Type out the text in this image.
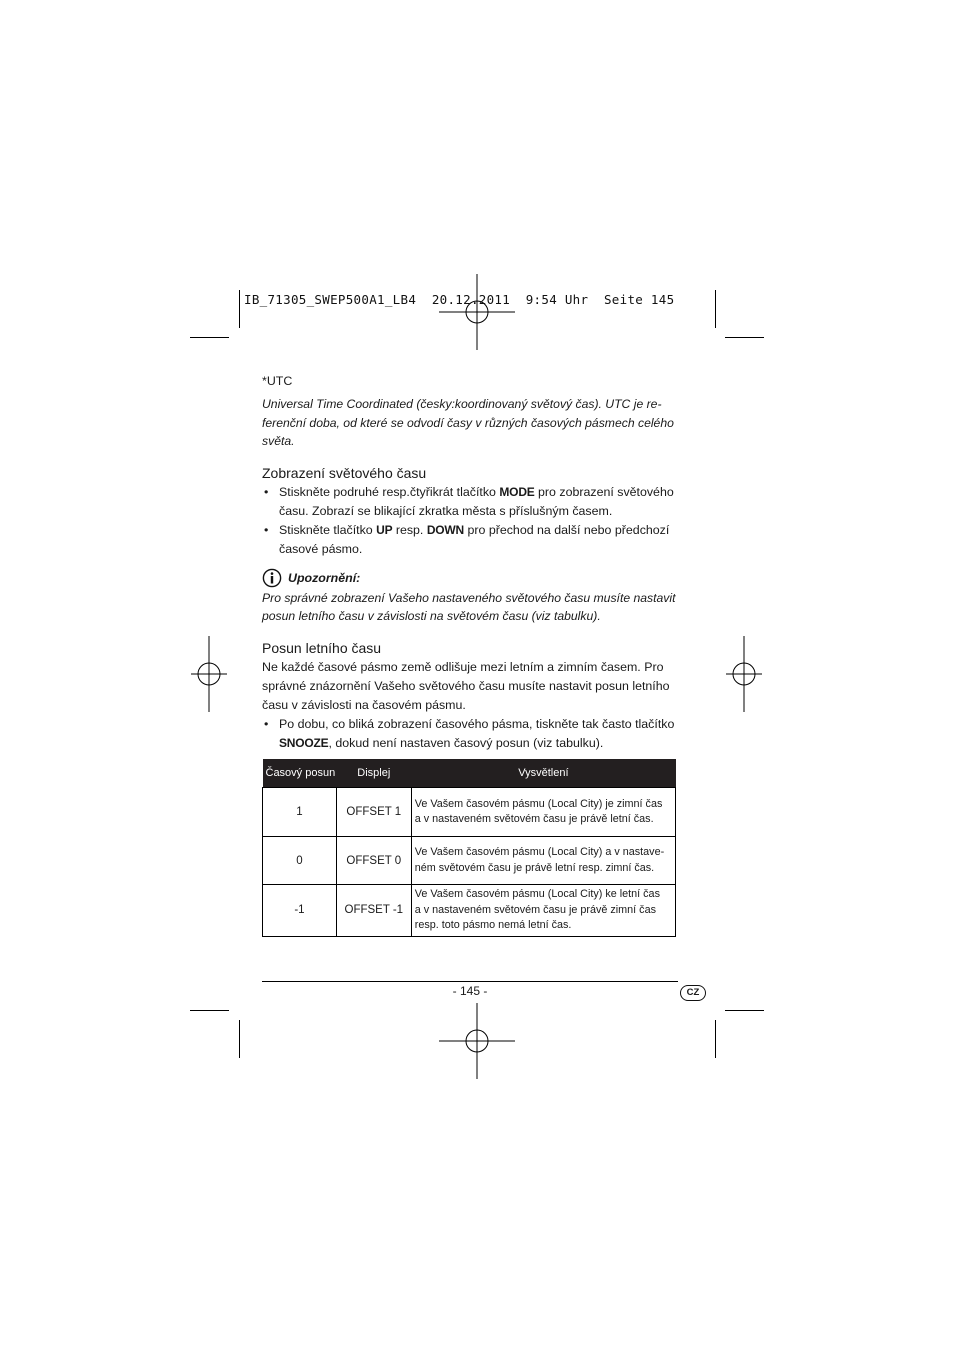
IB_71305_SWEP500A1_LB4  20.12.2011  9:54 Uhr  Seite 145

*UTC

Universal Time Coordinated (česky:koordinovaný světový čas). UTC je re-

ferenční doba, od které se odvodí časy v různých časových pásmech celého

světa.

Zobrazení světového času
• Stiskněte podruhé resp.čtyřikrát tlačítko MODE pro zobrazení světového
času. Zobrazí se blikající zkratka města s příslušným časem.
• Stiskněte tlačítko UP resp. DOWN pro přechod na další nebo předchozí
časové pásmo.
Upozornění:

Pro správné zobrazení Vašeho nastaveného světového času musíte nastavit

posun letního času v závislosti na světovém času (viz tabulku).

Posun letního času

Ne každé časové pásmo země odlišuje mezi letním a zimním časem. Pro

správné znázornění Vašeho světového času musíte nastavit posun letního

času v závislosti na časovém pásmu.

• Po dobu, co bliká zobrazení časového pásma, tiskněte tak často tlačítko
SNOOZE, dokud není nastaven časový posun (viz tabulku).
Časový posun	Displej	Vysvětlení
1	OFFSET 1	Ve Vašem časovém pásmu (Local City) je zimní čas
a v nastaveném světovém času je právě letní čas.

0	OFFSET 0	Ve Vašem časovém pásmu (Local City) a v nastave-
ném světovém času je právě letní resp. zimní čas.

-1	OFFSET -1	Ve Vašem časovém pásmu (Local City) ke letní čas
a v nastaveném světovém času je právě zimní čas
resp. toto pásmo nemá letní čas.
- 145 -	CZ
